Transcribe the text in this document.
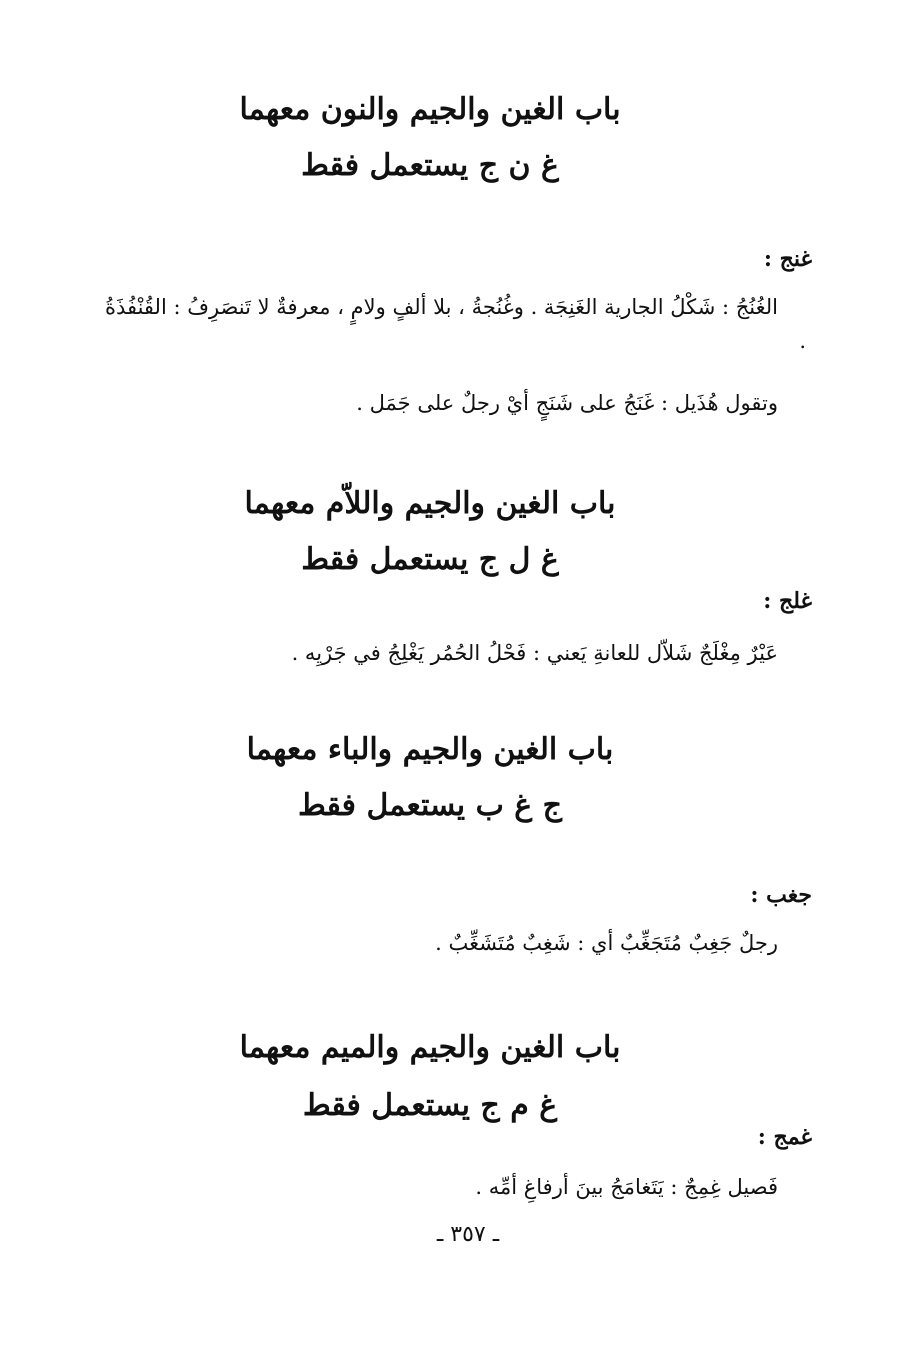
باب الغين والجيم والنون معهما
غ ن ج يستعمل فقط
غنج :
الغُنُجُ : شَكْلُ الجارية الغَنِجَة . وغُنُجةُ ، بلا ألفٍ ولامٍ ، معرفةٌ لا تَنصَرِفُ : القُنْفُذَةُ .
وتقول هُذَيل : غَنَجُ على شَنَجٍ أيْ رجلٌ على جَمَل .
باب الغين والجيم واللاّم معهما
غ ل ج يستعمل فقط
غلج :
عَيْرٌ مِغْلَجٌ شَلاّل للعانةِ يَعني : فَحْلُ الحُمُر يَغْلِجُ في جَرْيِه .
باب الغين والجيم والباء معهما
ج غ ب يستعمل فقط
جغب :
رجلٌ جَغِبٌ مُتَجَغِّبٌ أي : شَغِبٌ مُتَشَغِّبٌ .
باب الغين والجيم والميم معهما
غ م ج يستعمل فقط
غمج :
فَصيل غِمِجٌ : يَتَغامَجُ بينَ أرفاغِ أمِّه .
ـ ٣٥٧ ـ
